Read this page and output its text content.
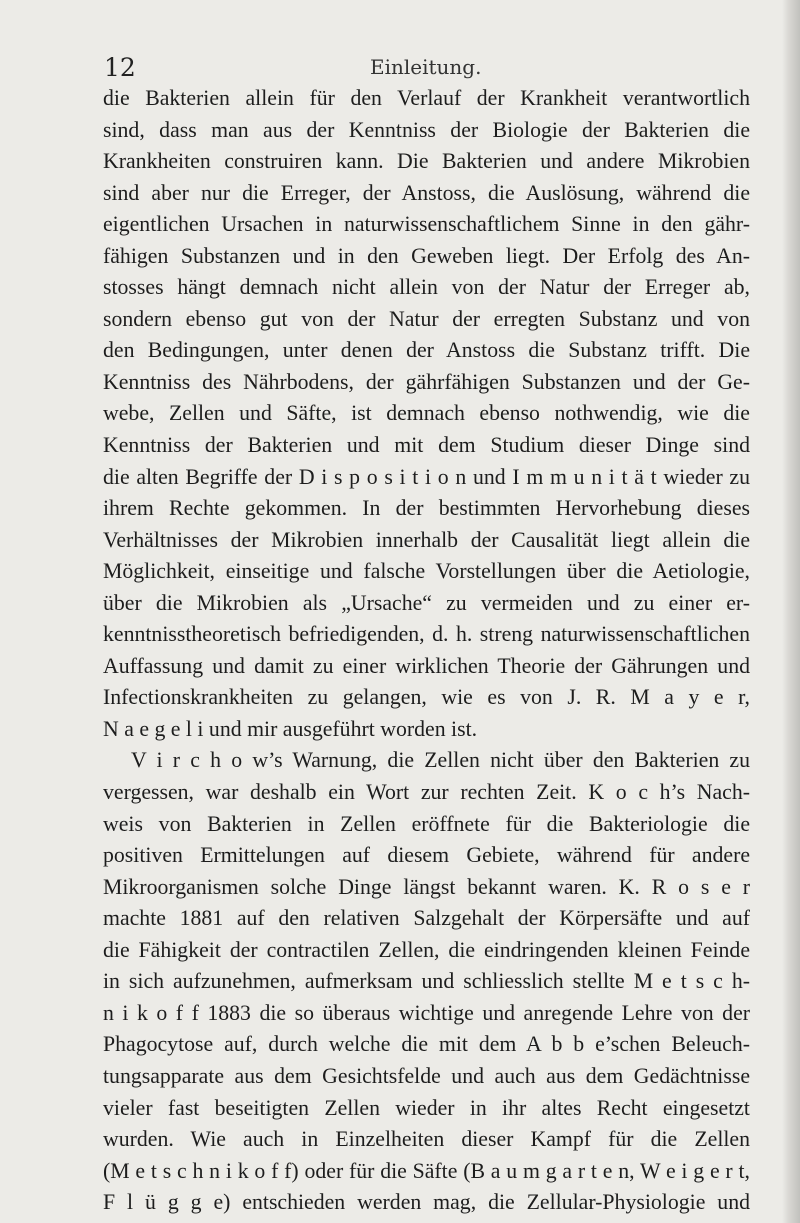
12	Einleitung.
die Bakterien allein für den Verlauf der Krankheit verantwortlich
sind, dass man aus der Kenntniss der Biologie der Bakterien die
Krankheiten construiren kann. Die Bakterien und andere Mikrobien
sind aber nur die Erreger, der Anstoss, die Auslösung, während die
eigentlichen Ursachen in naturwissenschaftlichem Sinne in den gähr-
fähigen Substanzen und in den Geweben liegt. Der Erfolg des An-
stosses hängt demnach nicht allein von der Natur der Erreger ab,
sondern ebenso gut von der Natur der erregten Substanz und von
den Bedingungen, unter denen der Anstoss die Substanz trifft. Die
Kenntniss des Nährbodens, der gährfähigen Substanzen und der Ge-
webe, Zellen und Säfte, ist demnach ebenso nothwendig, wie die
Kenntniss der Bakterien und mit dem Studium dieser Dinge sind
die alten Begriffe der D i s p o s i t i o n und I m m u n i t ä t wieder zu
ihrem Rechte gekommen. In der bestimmten Hervorhebung dieses
Verhältnisses der Mikrobien innerhalb der Causalität liegt allein die
Möglichkeit, einseitige und falsche Vorstellungen über die Aetiologie,
über die Mikrobien als „Ursache“ zu vermeiden und zu einer er-
kenntnisstheoretisch befriedigenden, d. h. streng naturwissenschaftlichen
Auffassung und damit zu einer wirklichen Theorie der Gährungen und
Infectionskrankheiten zu gelangen, wie es von J. R. M a y e r,
N a e g e l i und mir ausgeführt worden ist.
V i r c h o w’s Warnung, die Zellen nicht über den Bakterien zu
vergessen, war deshalb ein Wort zur rechten Zeit. K o c h’s Nach-
weis von Bakterien in Zellen eröffnete für die Bakteriologie die
positiven Ermittelungen auf diesem Gebiete, während für andere
Mikroorganismen solche Dinge längst bekannt waren. K. R o s e r
machte 1881 auf den relativen Salzgehalt der Körpersäfte und auf
die Fähigkeit der contractilen Zellen, die eindringenden kleinen Feinde
in sich aufzunehmen, aufmerksam und schliesslich stellte M e t s c h-
n i k o f f 1883 die so überaus wichtige und anregende Lehre von der
Phagocytose auf, durch welche die mit dem A b b e’schen Beleuch-
tungsapparate aus dem Gesichtsfelde und auch aus dem Gedächtnisse
vieler fast beseitigten Zellen wieder in ihr altes Recht eingesetzt
wurden. Wie auch in Einzelheiten dieser Kampf für die Zellen
(M e t s c h n i k o f f) oder für die Säfte (B a u m g a r t e n, W e i g e r t,
F l ü g g e) entschieden werden mag, die Zellular-Physiologie und
